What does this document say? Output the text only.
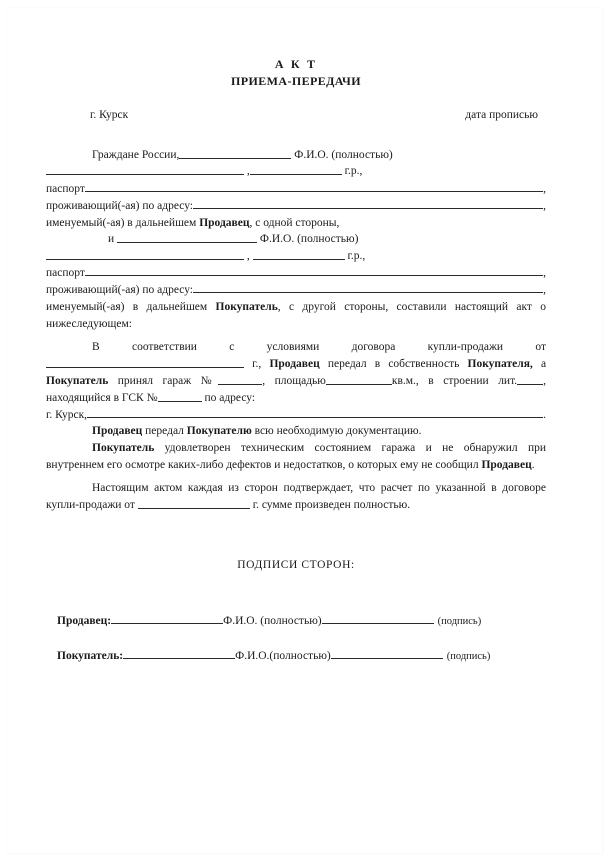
А К Т
ПРИЕМА-ПЕРЕДАЧИ
г. Курск	дата прописью

Граждане России,	Ф.И.О. (полностью) ,	г.р.,

паспорт	,
проживающий(-ая) по адресу:	,

именуемый(-ая) в дальнейшем Продавец, с одной стороны,

и	Ф.И.О. (полностью)  ,	г.р.,

паспорт	,
проживающий(-ая) по адресу:	,

именуемый(-ая) в дальнейшем Покупатель, с другой стороны, составили настоящий акт о нижеследующем:

В соответствии с условиями договора купли-продажи от г., Продавец передал в собственность Покупателя, а Покупатель принял гараж №	, площадью	кв.м., в строении лит. , находящийся в ГСК №	по адресу:

г. Курск,	.

Продавец передал Покупателю всю необходимую документацию.

Покупатель удовлетворен техническим состоянием гаража и не обнаружил при внутреннем его осмотре каких-либо дефектов и недостатков, о которых ему не сообщил Продавец.

Настоящим актом каждая из сторон подтверждает, что расчет по указанной в договоре купли-продажи от	г. сумме произведен полностью.

ПОДПИСИ СТОРОН:
Продавец:	Ф.И.О. (полностью)	(подпись)
Покупатель:	Ф.И.О.(полностью)	(подпись)
